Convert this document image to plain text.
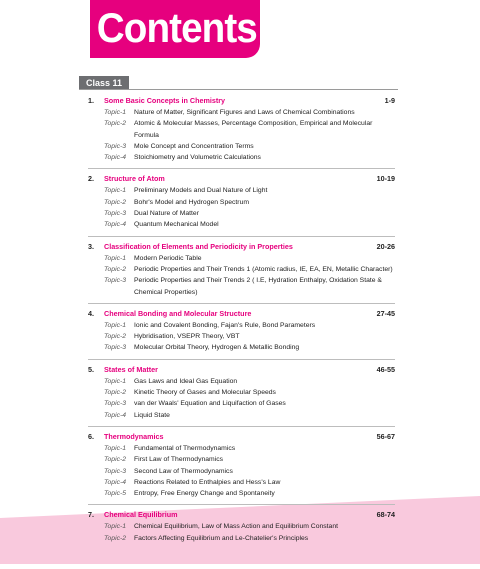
Contents
Class 11
1. Some Basic Concepts in Chemistry	1-9
Topic-1 Nature of Matter, Significant Figures and Laws of Chemical Combinations
Topic-2 Atomic & Molecular Masses, Percentage Composition, Empirical and Molecular Formula
Topic-3 Mole Concept and Concentration Terms
Topic-4 Stoichiometry and Volumetric Calculations
2. Structure of Atom	10-19
Topic-1 Preliminary Models and Dual Nature of Light
Topic-2 Bohr's Model and Hydrogen Spectrum
Topic-3 Dual Nature of Matter
Topic-4 Quantum Mechanical Model
3. Classification of Elements and Periodicity in Properties	20-26
Topic-1 Modern Periodic Table
Topic-2 Periodic Properties and Their Trends 1 (Atomic radius, IE, EA, EN, Metallic Character)
Topic-3 Periodic Properties and Their Trends 2 ( I.E, Hydration Enthalpy, Oxidation State & Chemical Properties)
4. Chemical Bonding and Molecular Structure	27-45
Topic-1 Ionic and Covalent Bonding, Fajan's Rule, Bond Parameters
Topic-2 Hybridisation, VSEPR Theory, VBT
Topic-3 Molecular Orbital Theory, Hydrogen & Metallic Bonding
5. States of Matter	46-55
Topic-1 Gas Laws and Ideal Gas Equation
Topic-2 Kinetic Theory of Gases and Molecular Speeds
Topic-3 van der Waals' Equation and Liquifaction of Gases
Topic-4 Liquid State
6. Thermodynamics	56-67
Topic-1 Fundamental of Thermodynamics
Topic-2 First Law of Thermodynamics
Topic-3 Second Law of Thermodynamics
Topic-4 Reactions Related to Enthalpies and Hess's Law
Topic-5 Entropy, Free Energy Change and Spontaneity
7. Chemical Equilibrium	68-74
Topic-1 Chemical Equilibrium, Law of Mass Action and Equilibrium Constant
Topic-2 Factors Affecting Equilibrium and Le-Chatelier's Principles
